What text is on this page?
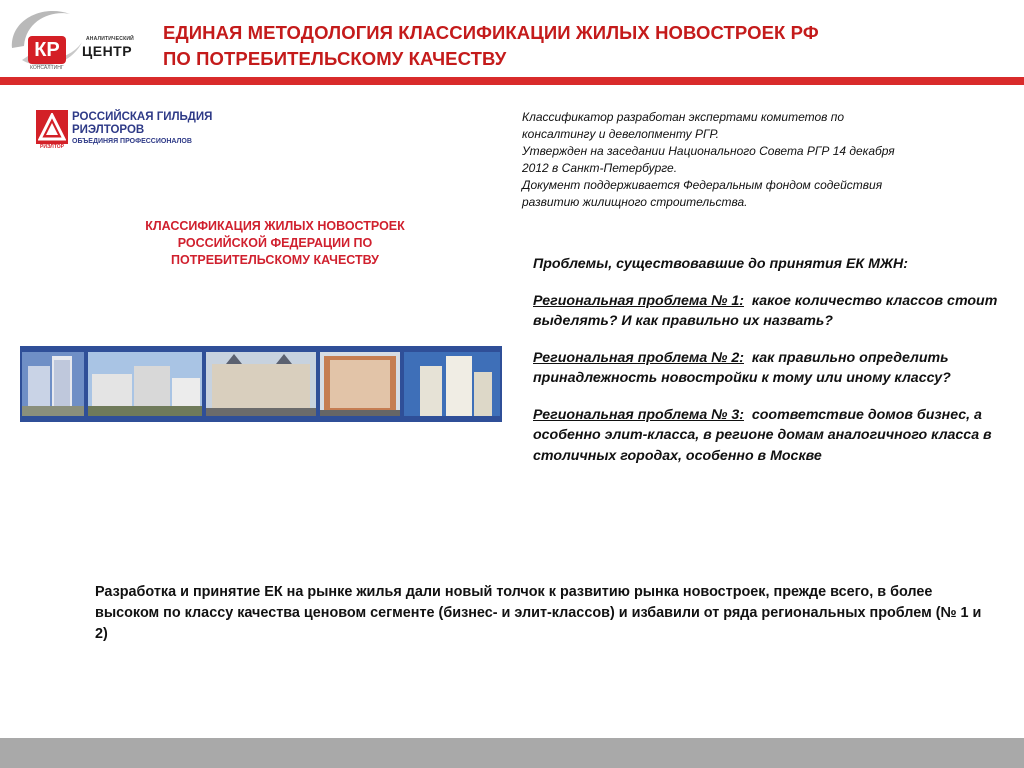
КР	АНАЛИТИЧЕСКИЙ
ЦЕНТР
КОНСАЛТИНГ
ЕДИНАЯ МЕТОДОЛОГИЯ КЛАССИФИКАЦИИ ЖИЛЫХ НОВОСТРОЕК РФ
ПО ПОТРЕБИТЕЛЬСКОМУ КАЧЕСТВУ
РИЭЛТОР
РОССИЙСКАЯ ГИЛЬДИЯ
РИЭЛТОРОВ
ОБЪЕДИНЯЯ ПРОФЕССИОНАЛОВ
КЛАССИФИКАЦИЯ ЖИЛЫХ НОВОСТРОЕК
РОССИЙСКОЙ ФЕДЕРАЦИИ ПО
ПОТРЕБИТЕЛЬСКОМУ КАЧЕСТВУ
Классификатор разработан экспертами комитетов по
консалтингу и девелопменту РГР.
Утвержден на заседании Национального Совета РГР 14 декабря
2012 в Санкт-Петербурге.
Документ поддерживается Федеральным фондом содействия
развитию жилищного строительства.
Проблемы, существовавшие до принятия ЕК МЖН:
Региональная проблема № 1: какое количество классов стоит выделять? И как правильно их назвать?
Региональная проблема № 2: как правильно определить принадлежность новостройки к тому или иному классу?
Региональная проблема № 3: соответствие домов бизнес, а особенно элит-класса, в регионе домам аналогичного класса в столичных городах, особенно в Москве
Разработка и принятие ЕК на рынке жилья дали новый толчок к развитию рынка новостроек, прежде всего, в более высоком по классу качества ценовом сегменте (бизнес- и элит-классов) и избавили от ряда региональных проблем (№ 1 и 2)
